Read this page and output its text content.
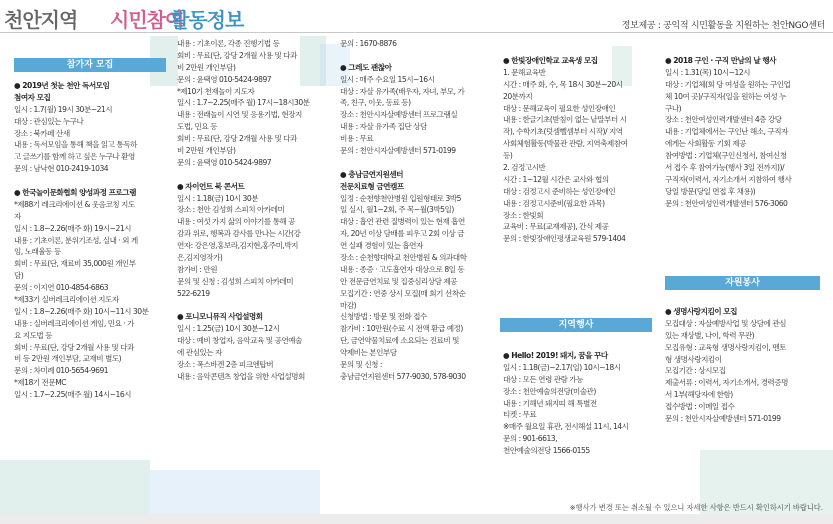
천안지역 시민참여
활동정보	정보제공 : 공익적 시민활동을 지원하는 천안NGO센터
참가자 모집
지역행사
자원봉사
● 2019년 첫눈 천안 독서모임
첨여자 모집
일시 : 1.7(월) 19시 30분~21시
대상 : 관심있는 누구나
장소 : 북카페 산새
내용 : 독서모임을 통해 책을 읽고 통독하
고 글쓰기를 함께 하고 싶은 누구나 환영
문의 : 남낙현 010-2419-1034
● 한국놀이문화협회 양성과정 프로그램
*제88기 레크리에이션 & 웃음코칭 지도
자
일시 : 1.8~2.26(매주 화) 19시~21시
내용 : 기초이론, 분위기조성, 실내 · 외 게
임, 노래율동 등
회비 : 무료(단, 재료비 35,000원 개인부
담)
문의 : 이지연 010-4854-6863
*제33기 실버레크리에이션 지도자
일시 : 1.8~2.26(매주 화) 10시~11시 30분
내용 : 실버레크리에이션 게임, 민요 · 가
요 지도법 등
회비 : 무료(단, 강당 2개월 사용 및 다과
비 등 2만원 개인부담, 교재비 별도)
문의 : 차미례 010-5654-9691
*제18기 전문MC
일시 : 1.7~2.25(매주 월) 14시~16시
내용 : 기초이론, 각종 진행기법 등
회비 : 무료(단, 강당 2개월 사용 및 다과
비 2만원 개인부담)
문의 : 윤택영 010-5424-9897
*제10기 천재놀이 지도자
일시 : 1.7~2.25(매주 월) 17시~18시30분
내용 : 전래놀이 시연 및 응용기법, 현장지
도법, 민요 등
회비 : 무료(단, 강당 2개월 사용 및 다과
비 2만원 개인부담)
문의 : 윤택영 010-5424-9897
● 자이언트 북 콘서트
일시 : 1.18(금) 10시 30분
장소 : 천안 김성희 스피치 아카데미
내용 : 여섯 가지 삶의 이야기를 통해 공
감과 위로, 행복과 감사를 만나는 시간(강
연자: 강은영,홍보라,김지현,홍주미,박지
은,김지영작가)
참가비 : 만원
문의 및 신청 : 김성희 스피치 아카데미
522-6219
● 포니모니뮤직 사업설명회
일시 : 1.25(금) 10시 30분~12시
대상 : 예비 창업자, 음악교육 및 공연예술
에 관심있는 자
장소 : 폭스바겐 2층 피크엔탑버
내용 : 음악콘텐츠 창업을 위한 사업설명회
문의 : 1670-8876
● 그레도 괜찮아
일시 : 매주 수요일 15시~16시
대상 : 자살 유가족(배우자, 자녀, 부모, 가
족, 친구, 이웃, 동료 등)
장소 : 천안시자살예방센터 프로그램실
내용 : 자살 유가족 집단 상담
비용 : 무료
문의 : 천안시자살예방센터 571-0199
● 충남금연지원센터
전문치료형 금연캠프
일정 : 순천향천안병원 입원형태로 3박5
일 실시, 월1~2회, 주 목~월(3박5일)
대상 : 흡연 관련 질병력이 있는 현재 흡연
자, 20년 이상 담배를 피우고 2회 이상 금
연 실패 경험이 있는 흡연자
장소 : 순천향대학교 천안병원 & 의과대학
내용 : 종증 · 고도흡연자 대상으로 8일 동
안 전문금연치료 및 집중심리상담 제공
모집기간 : 연중 상시 모집(매 회기 선착순
마감)
신청방법 : 방문 및 전화 접수
참가비 : 10만원(수료 시 전액 환급 예정)
단, 금연약물치료에 소요되는 진료비 및
약제비는 본인부담
문의 및 신청 :
충남금연지원센터 577-9030, 578-9030
● 한빛장애인학교 교육생 모집
1. 문해교육반
시간 : 매주 화, 수, 목 18시 30분~20시
20분까지
대상 : 문해교육이 필요한 성인장애인
내용 : 한글기초(받침이 없는 낱말부터 시
작), 수학기초(덧셈뺄셈부터 시작)/ 지역
사회체험활동(박물관 관람, 지역축제참여
등)
2. 검정고시반
시간 : 1~12월 시간은 교사와 협의
대상 : 검정고시 준비하는 성인장애인
내용 : 검정고시준비(필요한 과목)
장소 : 한빛회
교육비 : 무료(교재제공), 간식 제공
문의 : 한빛장애인평생교육원 579-1404
● Hello! 2019! 돼지, 꿈을 꾸다
일시 : 1.18(금)~2.17(일) 10시~18시
대상 : 모든 연령 관람 가능
장소 : 천안예술의전당(미술관)
내용 : 기해년 돼지띠 해 특별전
티켓 : 무료
※매주 월요일 휴관, 전시해설 11시, 14시
문의 : 901-6613,
천안예술의전당 1566-0155
● 2018 구인 · 구직 만남의 날 행사
일시 : 1.31(목) 10시~12시
대상 : 기업체(회 당 여성을 원하는 구인업
체 10여 곳)/구직자(일을 원하는 여성 누
구나)
장소 : 천안여성인력개발센터 4층 강당
내용 : 기업체에서는 구인난 해소, 구직자
에게는 사회활동 기회 제공
참여방법 : 기업체(구인신청서, 참여신청
서 접수 후 참여가능(행사 3일 전까지))/
구직자(이력서, 자기소개서 지참하여 행사
당일 방문(당일 면접 후 채용))
문의 : 천안여성인력개발센터 576-3060
● 생명사랑지킴이 모집
모집대상 : 자살예방사업 및 상담에 관심
있는 재상별, 나이, 학력 무관)
모집유형 : 교육형 생명사랑지킴이, 멘토
형 생명사랑지킴이
모집기간 : 상시모집
제출서류 : 이력서, 자기소개서, 경력증명
서 1부(해당자에 한함)
접수방법 : 이메일 접수
문의 : 천안시자살예방센터 571-0199
※행사가 변경 또는 취소될 수 있으니 자세한 사항은 반드시 확인하시기 바랍니다.
